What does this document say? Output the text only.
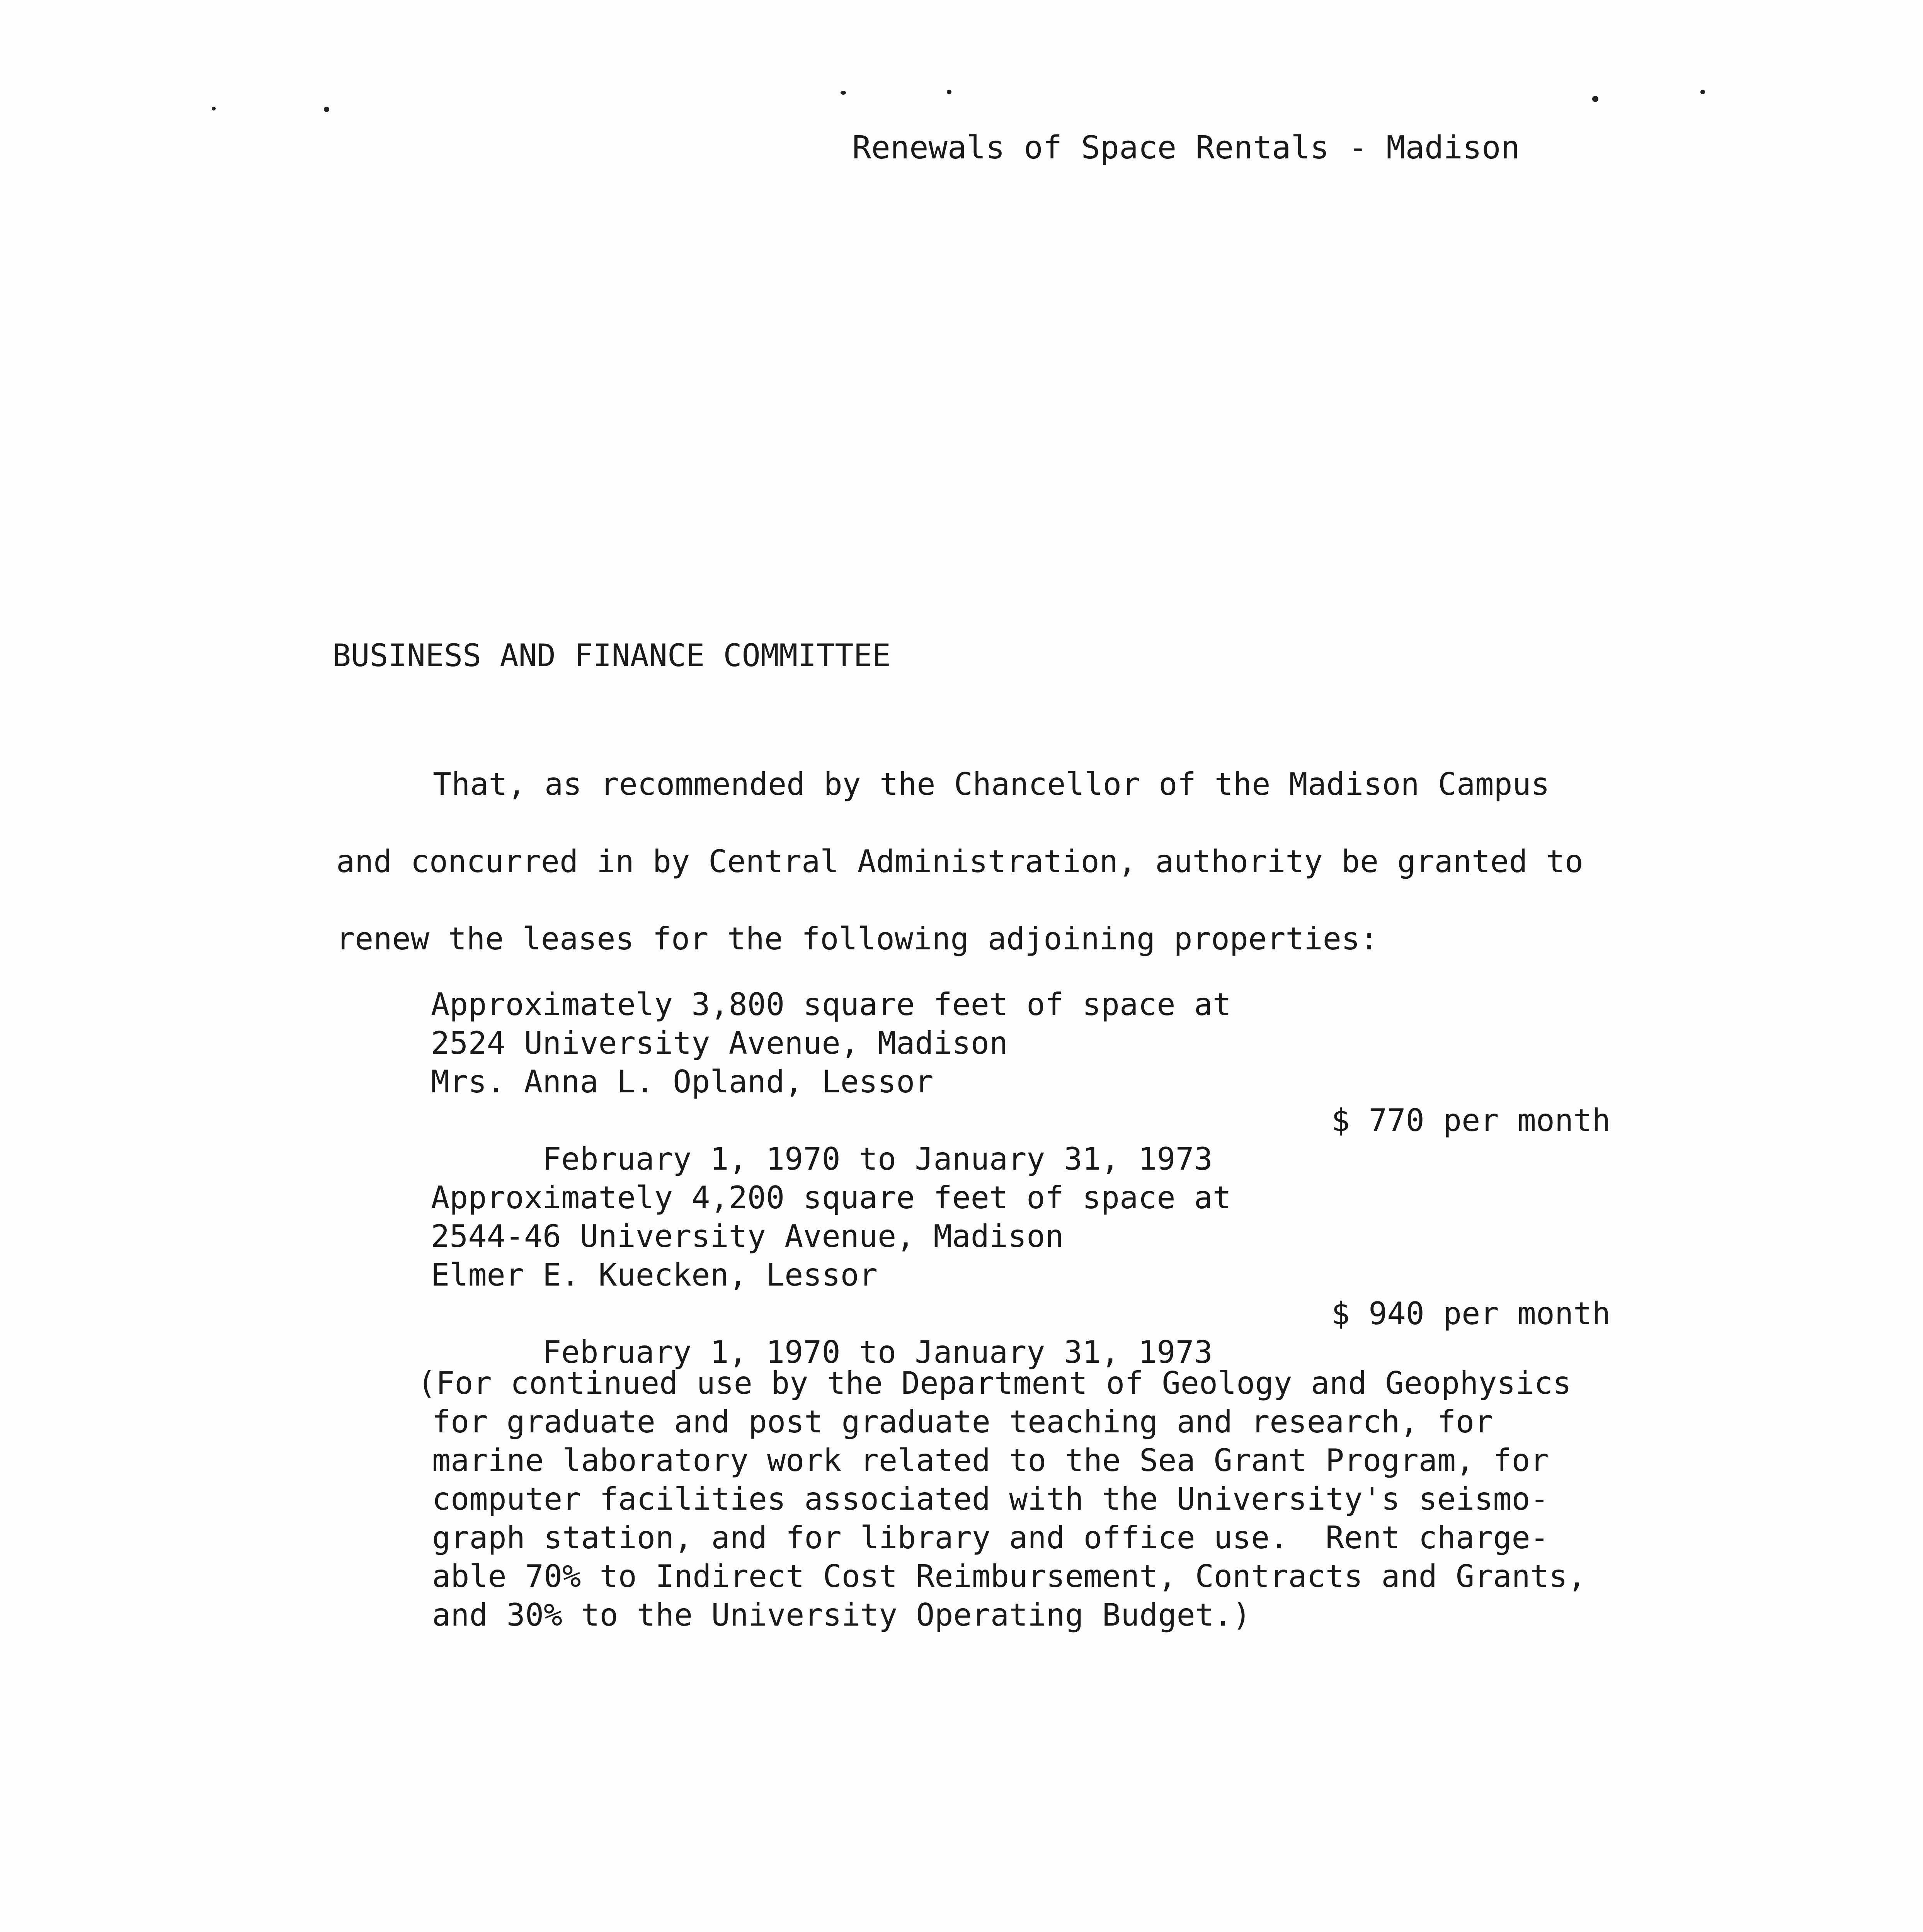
Renewals of Space Rentals - Madison
BUSINESS AND FINANCE COMMITTEE
That, as recommended by the Chancellor of the Madison Campus
and concurred in by Central Administration, authority be granted to
renew the leases for the following adjoining properties:
Approximately 3,800 square feet of space at
2524 University Avenue, Madison
Mrs. Anna L. Opland, Lessor

February 1, 1970 to January 31, 1973

$ 770 per month

Approximately 4,200 square feet of space at
2544-46 University Avenue, Madison
Elmer E. Kuecken, Lessor

February 1, 1970 to January 31, 1973

$ 940 per month

(For continued use by the Department of Geology and Geophysics
for graduate and post graduate teaching and research, for
marine laboratory work related to the Sea Grant Program, for
computer facilities associated with the University's seismo-
graph station, and for library and office use.  Rent charge-
able 70% to Indirect Cost Reimbursement, Contracts and Grants,
and 30% to the University Operating Budget.)
